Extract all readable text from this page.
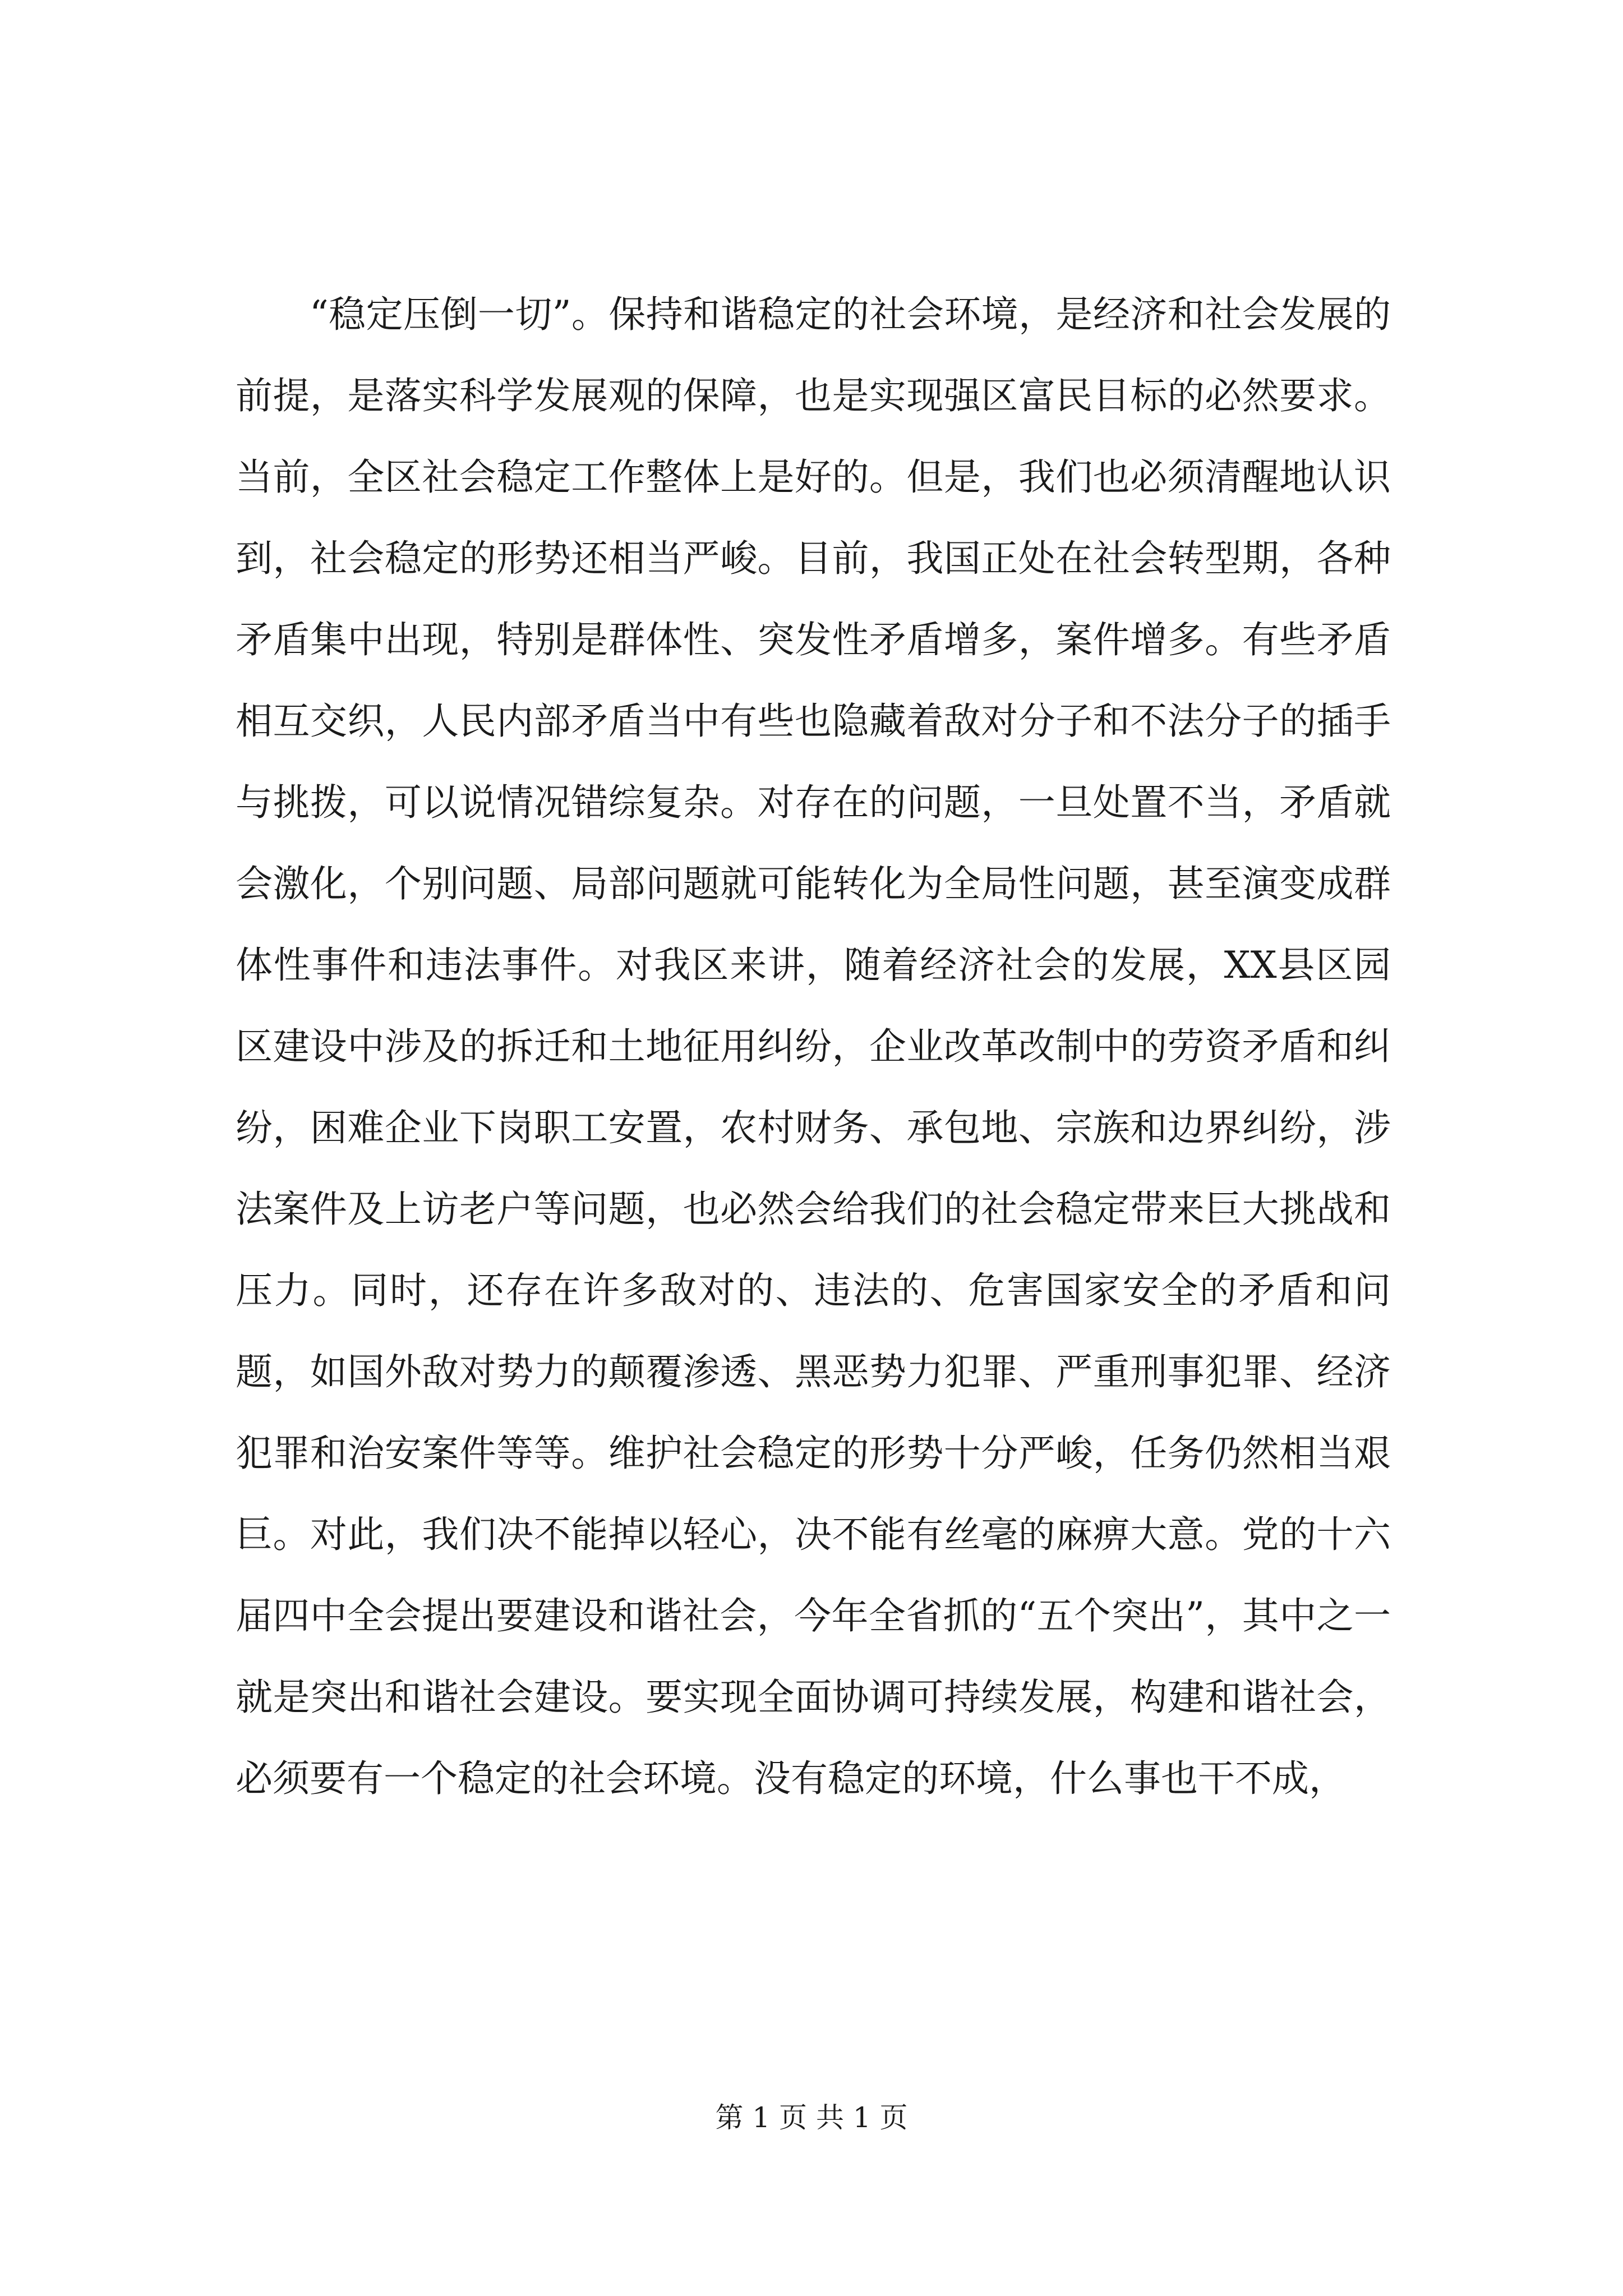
“稳定压倒一切”。保持和谐稳定的社会环境，是经济和社会发展的前提，是落实科学发展观的保障，也是实现强区富民目标的必然要求。当前，全区社会稳定工作整体上是好的。但是，我们也必须清醒地认识到，社会稳定的形势还相当严峻。目前，我国正处在社会转型期，各种矛盾集中出现，特别是群体性、突发性矛盾增多，案件增多。有些矛盾相互交织，人民内部矛盾当中有些也隐藏着敌对分子和不法分子的插手与挑拨，可以说情况错综复杂。对存在的问题，一旦处置不当，矛盾就会激化，个别问题、局部问题就可能转化为全局性问题，甚至演变成群体性事件和违法事件。对我区来讲，随着经济社会的发展，XX县区园区建设中涉及的拆迁和土地征用纠纷，企业改革改制中的劳资矛盾和纠纷，困难企业下岗职工安置，农村财务、承包地、宗族和边界纠纷，涉法案件及上访老户等问题，也必然会给我们的社会稳定带来巨大挑战和压力。同时，还存在许多敌对的、违法的、危害国家安全的矛盾和问题，如国外敌对势力的颠覆渗透、黑恶势力犯罪、严重刑事犯罪、经济犯罪和治安案件等等。维护社会稳定的形势十分严峻，任务仍然相当艰巨。对此，我们决不能掉以轻心，决不能有丝毫的麻痹大意。党的十六届四中全会提出要建设和谐社会，今年全省抓的“五个突出”，其中之一就是突出和谐社会建设。要实现全面协调可持续发展，构建和谐社会，必须要有一个稳定的社会环境。没有稳定的环境，什么事也干不成，

第 1 页 共 1 页
